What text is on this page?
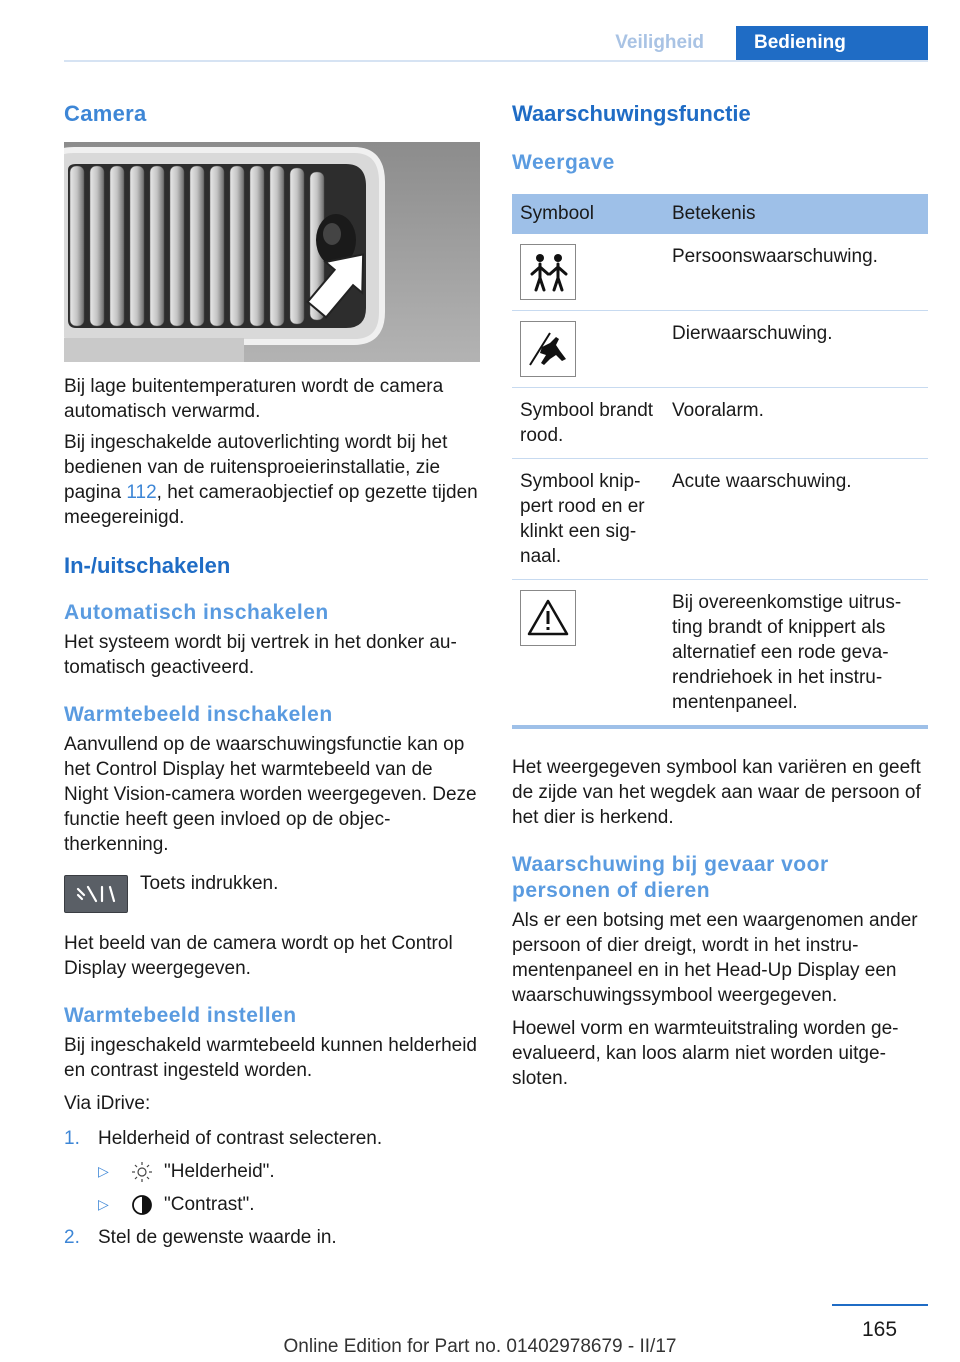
Veiligheid	Bediening
Camera

Bij lage buitentemperaturen wordt de camera automatisch verwarmd.

Bij ingeschakelde autoverlichting wordt bij het bedienen van de ruitensproeierinstallatie, zie pagina 112, het cameraobjectief op gezette tijden meegereinigd.

In-/uitschakelen
Automatisch inschakelen

Het systeem wordt bij vertrek in het donker automatisch geactiveerd.

Warmtebeeld inschakelen

Aanvullend op de waarschuwingsfunctie kan op het Control Display het warmtebeeld van de Night Vision-camera worden weergegeven. Deze functie heeft geen invloed op de objectherkenning.

Toets indrukken.

Het beeld van de camera wordt op het Control Display weergegeven.

Warmtebeeld instellen

Bij ingeschakeld warmtebeeld kunnen helderheid en contrast ingesteld worden.

Via iDrive:

1. Helderheid of contrast selecteren.
▷	"Helderheid".
▷	"Contrast".
2. Stel de gewenste waarde in.
Waarschuwingsfunctie
Weergave
Symbool	Betekenis

	Persoonswaarschuwing.

	Dierwaarschuwing.
Symbool brandt rood.	Vooralarm.
Symbool knippert rood en er klinkt een signaal.	Acute waarschuwing.

	Bij overeenkomstige uitrusting brandt of knippert als alternatief een rode gevarendriehoek in het instrumentenpaneel.

Het weergegeven symbool kan variëren en geeft de zijde van het wegdek aan waar de persoon of het dier is herkend.

Waarschuwing bij gevaar voor personen of dieren

Als er een botsing met een waargenomen ander persoon of dier dreigt, wordt in het instrumentenpaneel en in het Head-Up Display een waarschuwingssymbool weergegeven.

Hoewel vorm en warmteuitstraling worden geevalueerd, kan loos alarm niet worden uitgesloten.

165
Online Edition for Part no. 01402978679 - II/17
